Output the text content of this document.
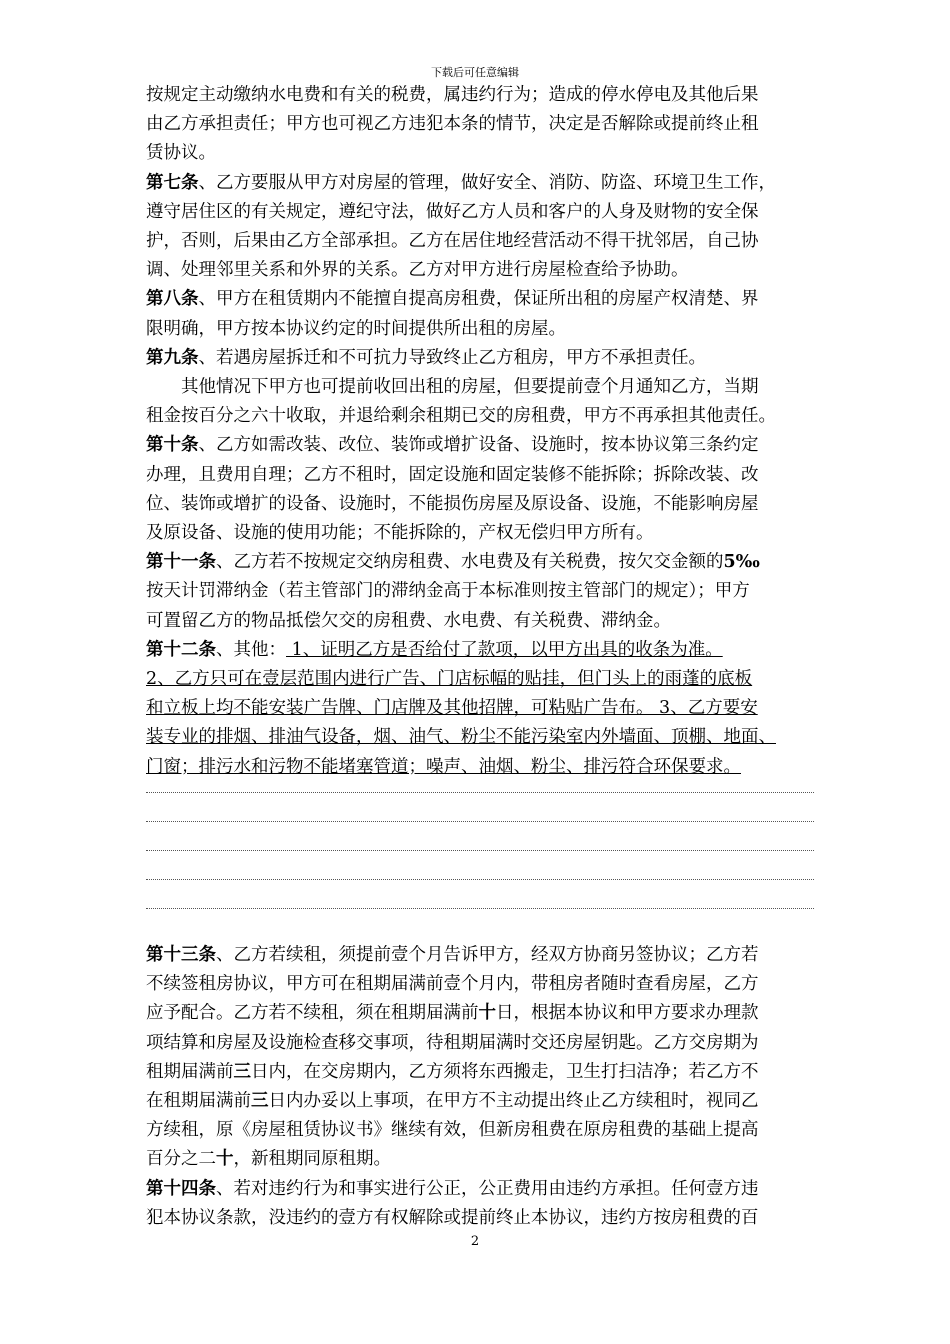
下载后可任意编辑
按规定主动缴纳水电费和有关的税费，属违约行为；造成的停水停电及其他后果
由乙方承担责任；甲方也可视乙方违犯本条的情节，决定是否解除或提前终止租
赁协议。
第七条、乙方要服从甲方对房屋的管理，做好安全、消防、防盗、环境卫生工作，
遵守居住区的有关规定，遵纪守法，做好乙方人员和客户的人身及财物的安全保
护，否则，后果由乙方全部承担。乙方在居住地经营活动不得干扰邻居，自己协
调、处理邻里关系和外界的关系。乙方对甲方进行房屋检查给予协助。
第八条、甲方在租赁期内不能擅自提高房租费，保证所出租的房屋产权清楚、界
限明确，甲方按本协议约定的时间提供所出租的房屋。
第九条、若遇房屋拆迁和不可抗力导致终止乙方租房，甲方不承担责任。
其他情况下甲方也可提前收回出租的房屋，但要提前壹个月通知乙方，当期
租金按百分之六十收取，并退给剩余租期已交的房租费，甲方不再承担其他责任。
第十条、乙方如需改装、改位、装饰或增扩设备、设施时，按本协议第三条约定
办理，且费用自理；乙方不租时，固定设施和固定装修不能拆除；拆除改装、改
位、装饰或增扩的设备、设施时，不能损伤房屋及原设备、设施，不能影响房屋
及原设备、设施的使用功能；不能拆除的，产权无偿归甲方所有。
第十一条、乙方若不按规定交纳房租费、水电费及有关税费，按欠交金额的5‰
按天计罚滞纳金（若主管部门的滞纳金高于本标准则按主管部门的规定）；甲方
可置留乙方的物品抵偿欠交的房租费、水电费、有关税费、滞纳金。
第十二条、其他： 1、证明乙方是否给付了款项，以甲方出具的收条为准。
2、乙方只可在壹层范围内进行广告、门店标幅的贴挂，但门头上的雨蓬的底板
和立板上均不能安装广告牌、门店牌及其他招牌，可粘贴广告布。 3、乙方要安
装专业的排烟、排油气设备，烟、油气、粉尘不能污染室内外墙面、顶棚、地面、
门窗；排污水和污物不能堵塞管道；噪声、油烟、粉尘、排污符合环保要求。
第十三条、乙方若续租，须提前壹个月告诉甲方，经双方协商另签协议；乙方若
不续签租房协议，甲方可在租期届满前壹个月内，带租房者随时查看房屋，乙方
应予配合。乙方若不续租，须在租期届满前十日，根据本协议和甲方要求办理款
项结算和房屋及设施检查移交事项，待租期届满时交还房屋钥匙。乙方交房期为
租期届满前三日内，在交房期内，乙方须将东西搬走，卫生打扫洁净；若乙方不
在租期届满前三日内办妥以上事项，在甲方不主动提出终止乙方续租时，视同乙
方续租，原《房屋租赁协议书》继续有效，但新房租费在原房租费的基础上提高
百分之二十，新租期同原租期。
第十四条、若对违约行为和事实进行公正，公正费用由违约方承担。任何壹方违
犯本协议条款，没违约的壹方有权解除或提前终止本协议，违约方按房租费的百
2
